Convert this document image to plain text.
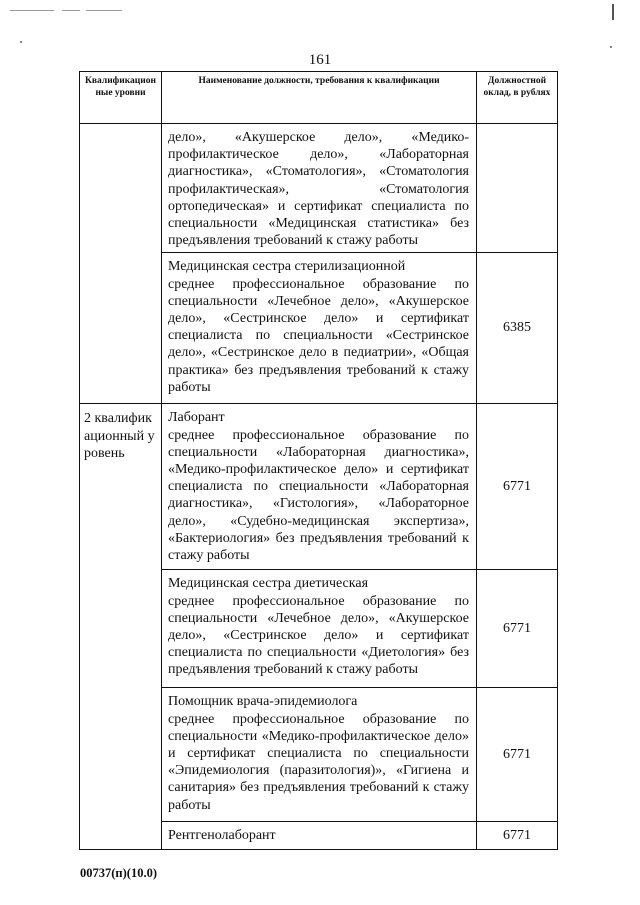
161
Квалификационные уровни	Наименование должности, требования к квалификации	Должностной оклад, в рублях

	дело», «Акушерское дело», «Медико-профилактическое дело», «Лабораторная диагностика», «Стоматология», «Стоматология профилактическая», «Стоматология ортопедическая» и сертификат специалиста по специальности «Медицинская статистика» без предъявления требований к стажу работы	

	Медицинская сестра стерилизационной
среднее профессиональное образование по специальности «Лечебное дело», «Акушерское дело», «Сестринское дело» и сертификат специалиста по специальности «Сестринское дело», «Сестринское дело в педиатрии», «Общая практика» без предъявления требований к стажу работы	6385
2 квалификационный уровень	Лаборант
среднее профессиональное образование по специальности «Лабораторная диагностика», «Медико-профилактическое дело» и сертификат специалиста по специальности «Лабораторная диагностика», «Гистология», «Лабораторное дело», «Судебно-медицинская экспертиза», «Бактериология» без предъявления требований к стажу работы	6771

	Медицинская сестра диетическая
среднее профессиональное образование по специальности «Лечебное дело», «Акушерское дело», «Сестринское дело» и сертификат специалиста по специальности «Диетология» без предъявления требований к стажу работы	6771

	Помощник врача-эпидемиолога
среднее профессиональное образование по специальности «Медико-профилактическое дело» и сертификат специалиста по специальности «Эпидемиология (паразитология)», «Гигиена и санитария» без предъявления требований к стажу работы	6771

	Рентгенолаборант	6771
00737(п)(10.0)
